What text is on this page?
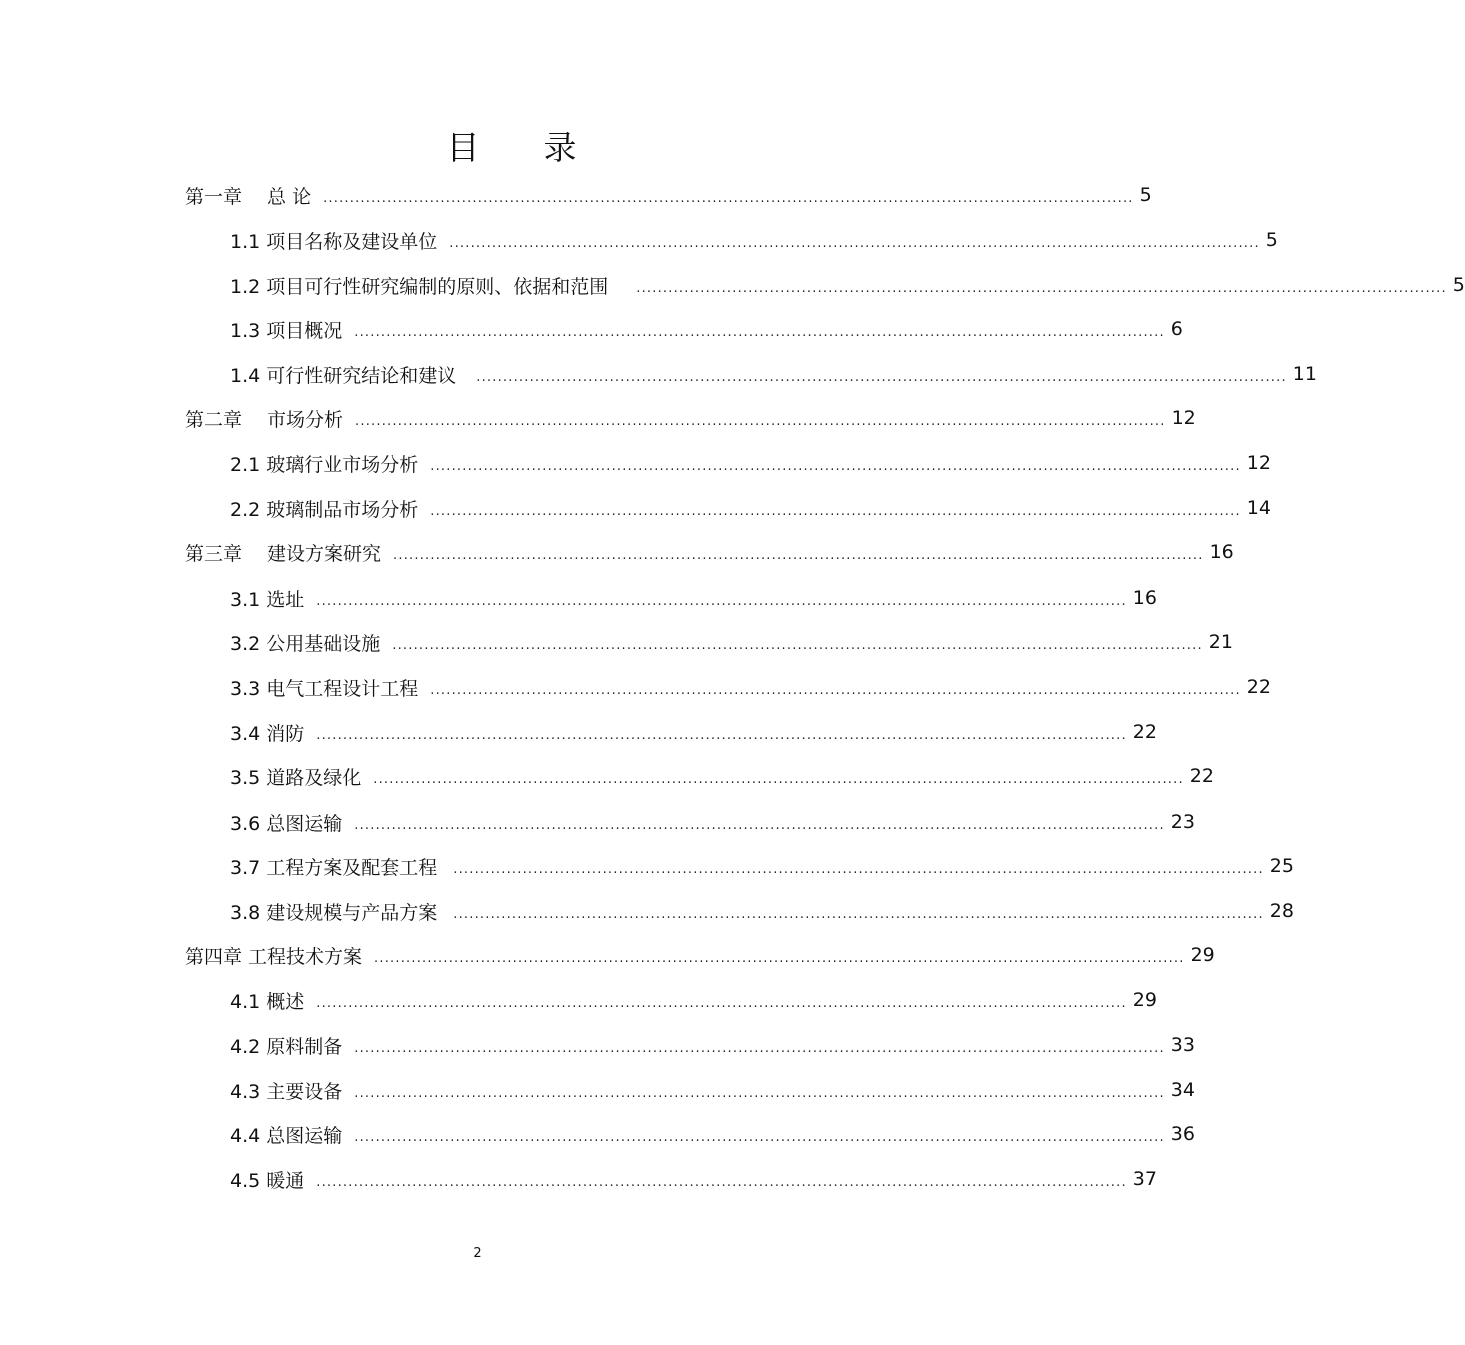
目 录
第一章　 总 论 ........................................................................................................................................................ 5
1.1 项目名称及建设单位 ........................................................................................................................................................ 5
1.2 项目可行性研究编制的原则、依据和范围 ........................................................................................................................................................ 5
1.3 项目概况 ........................................................................................................................................................ 6
1.4 可行性研究结论和建议 ........................................................................................................................................................ 11
第二章　 市场分析 ........................................................................................................................................................ 12
2.1 玻璃行业市场分析 ........................................................................................................................................................ 12
2.2 玻璃制品市场分析 ........................................................................................................................................................ 14
第三章　 建设方案研究 ........................................................................................................................................................ 16
3.1 选址 ........................................................................................................................................................ 16
3.2 公用基础设施 ........................................................................................................................................................ 21
3.3 电气工程设计工程 ........................................................................................................................................................ 22
3.4 消防 ........................................................................................................................................................ 22
3.5 道路及绿化 ........................................................................................................................................................ 22
3.6 总图运输 ........................................................................................................................................................ 23
3.7 工程方案及配套工程 ........................................................................................................................................................ 25
3.8 建设规模与产品方案 ........................................................................................................................................................ 28
第四章 工程技术方案 ........................................................................................................................................................ 29
4.1 概述 ........................................................................................................................................................ 29
4.2 原料制备 ........................................................................................................................................................ 33
4.3 主要设备 ........................................................................................................................................................ 34
4.4 总图运输 ........................................................................................................................................................ 36
4.5 暖通 ........................................................................................................................................................ 37
2
